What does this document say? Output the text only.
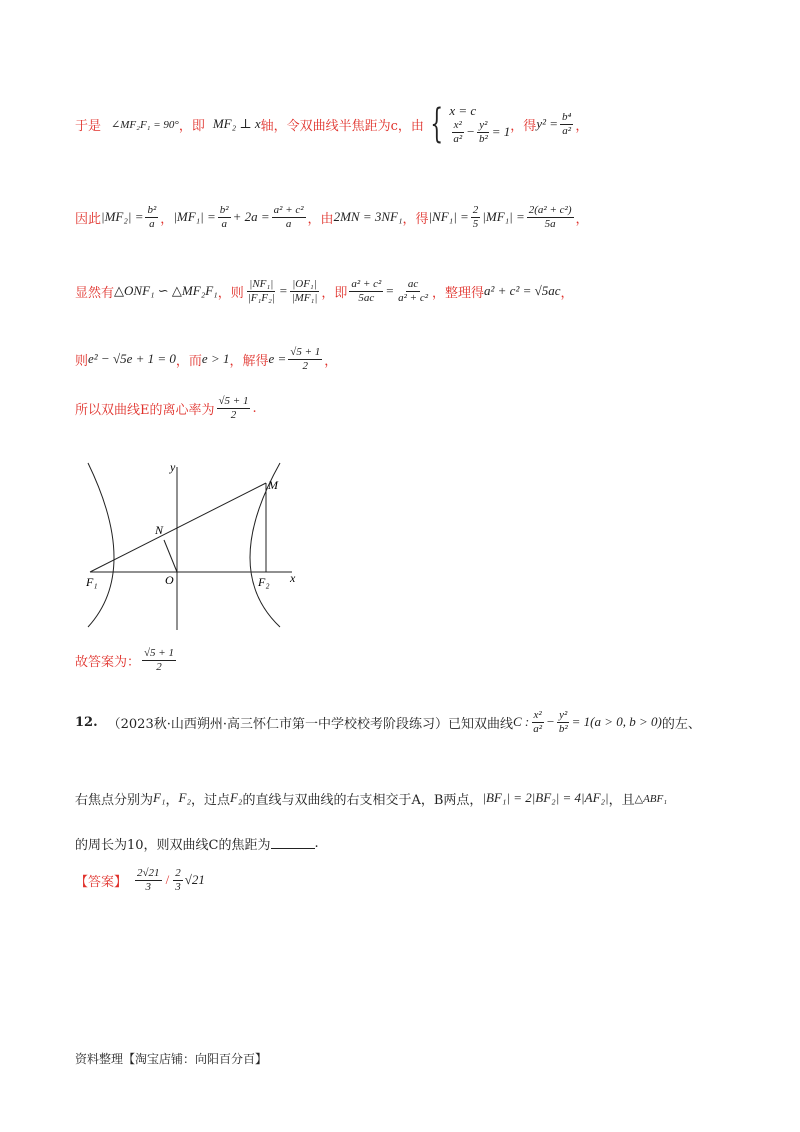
于是 ∠MF₂F₁ = 90° ，即 MF₂ ⊥ x 轴，令双曲线半焦距为c，由 { x = c
$\frac{\text{x²}}{\text{a²}} - \frac{\text{y²}}{\text{b²}} = 1$ ，得 $y^2 = \frac{\text{b⁴}}{\text{a²}}$ ，
因此 $|MF_2| = \frac{\text{b²}}{a}$ ， $|MF_1| = \frac{\text{b²}}{a} + 2a = \frac{\text{a² + c²}}{a}$ ，由 2MN = 3NF₁ ，得 $|NF_1| = \frac{2}{5} |MF_1| = \frac{\text{2(a² + c²)}}{5a}$ ，
显然有 △ONF₁ ∽ △MF₂F₁ ，则 $\frac{\text{|NF₁|}}{\text{|F₁F₂|}} = \frac{\text{|OF₁|}}{\text{|MF₁|}}$ ，即 $\frac{\text{a² + c²}}{5ac} = \frac{ac}{\text{a² + c²}}$ ，整理得 a² + c² = √5ac ，
则 e² − √5e + 1 = 0 ，而 e > 1 ，解得 $e = \frac{√5 + 1}{2}$ ，
所以双曲线E的离心率为 $\frac{√5 + 1}{2}$ .
y
x
M
N
O
F₁	F₂
故答案为： $\frac{√5 + 1}{2}$
12. （2023秋·山西朔州·高三怀仁市第一中学校校考阶段练习）已知双曲线 C : $\frac{\text{x²}}{\text{a²}} - \frac{\text{y²}}{\text{b²}} = 1(a > 0$, b > 0) 的左、
右焦点分别为 F₁ ， F₂ ，过点 F₂ 的直线与双曲线的右支相交于A，B两点， |BF₁| = 2|BF₂| = 4|AF₂| ，且 △ABF₁
的周长为10，则双曲线C的焦距为	.
【答案】 $\frac{2√21}{3} / \frac{2}{3} √21$
资料整理【淘宝店铺：向阳百分百】
